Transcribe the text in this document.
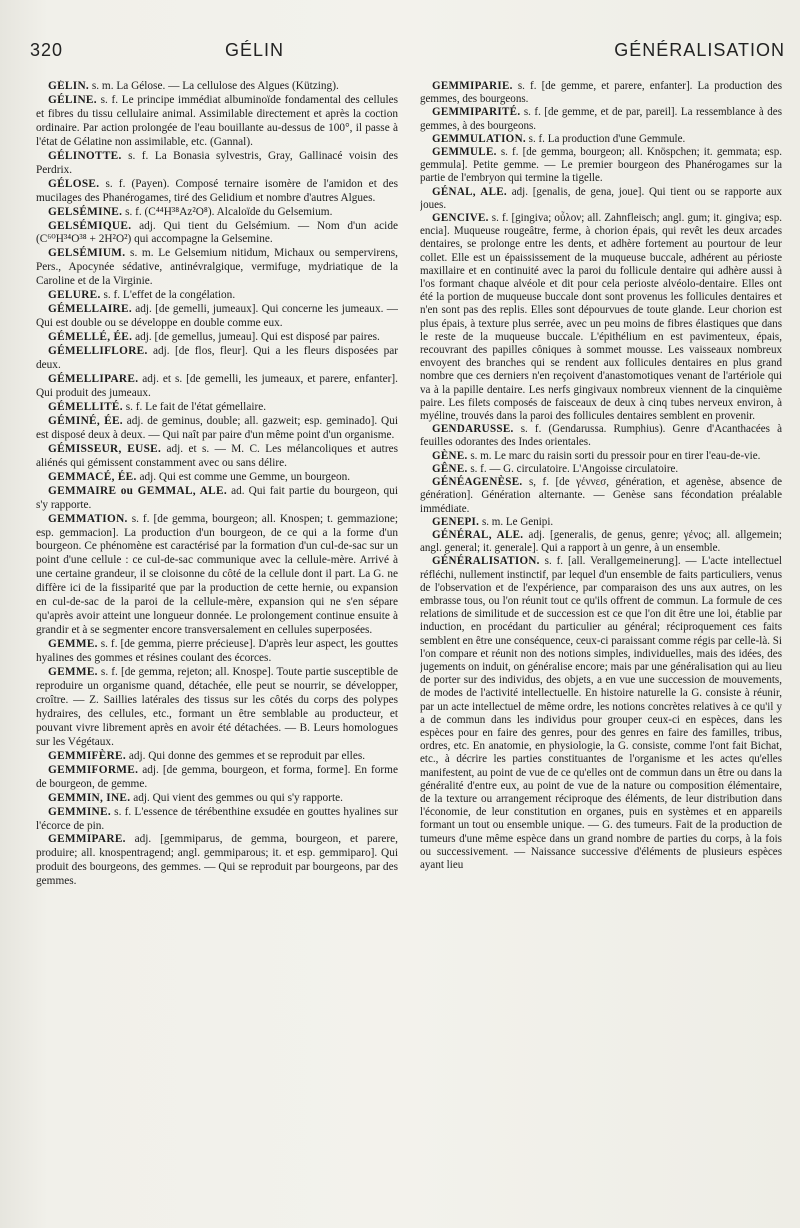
320	GÉLIN	GÉNÉRALISATION

GÉLIN. s. m. La Gélose. — La cellulose des Algues (Kützing).

GÉLINE. s. f. Le principe immédiat albuminoïde fondamental des cellules et fibres du tissu cellulaire animal. Assimilable directement et après la coction ordinaire. Par action prolongée de l'eau bouillante au-dessus de 100°, il passe à l'état de Gélatine non assimilable, etc. (Gannal).

GÉLINOTTE. s. f. La Bonasia sylvestris, Gray, Gallinacé voisin des Perdrix.

GÉLOSE. s. f. (Payen). Composé ternaire isomère de l'amidon et des mucilages des Phanérogames, tiré des Gelidium et nombre d'autres Algues.

GELSÉMINE. s. f. (C⁴⁴H³⁸Az²O⁸). Alcaloïde du Gelsemium.

GELSÉMIQUE. adj. Qui tient du Gelsémium. — Nom d'un acide (C⁶⁰H³⁴O³⁸ + 2H²O²) qui accompagne la Gelsemine.

GELSÉMIUM. s. m. Le Gelsemium nitidum, Michaux ou sempervirens, Pers., Apocynée sédative, antinévralgique, vermifuge, mydriatique de la Caroline et de la Virginie.

GELURE. s. f. L'effet de la congélation.

GÉMELLAIRE. adj. [de gemelli, jumeaux]. Qui concerne les jumeaux. — Qui est double ou se développe en double comme eux.

GÉMELLÉ, ÉE. adj. [de gemellus, jumeau]. Qui est disposé par paires.

GÉMELLIFLORE. adj. [de flos, fleur]. Qui a les fleurs disposées par deux.

GÉMELLIPARE. adj. et s. [de gemelli, les jumeaux, et parere, enfanter]. Qui produit des jumeaux.

GÉMELLITÉ. s. f. Le fait de l'état gémellaire.

GÉMINÉ, ÉE. adj. de geminus, double; all. gazweit; esp. geminado]. Qui est disposé deux à deux. — Qui naît par paire d'un même point d'un organisme.

GÉMISSEUR, EUSE. adj. et s. — M. C. Les mélancoliques et autres aliénés qui gémissent constamment avec ou sans délire.

GEMMACÉ, ÉE. adj. Qui est comme une Gemme, un bourgeon.

GEMMAIRE ou GEMMAL, ALE. ad. Qui fait partie du bourgeon, qui s'y rapporte.

GEMMATION. s. f. [de gemma, bourgeon; all. Knospen; t. gemmazione; esp. gemmacion]. La production d'un bourgeon, de ce qui a la forme d'un bourgeon. Ce phénomène est caractérisé par la formation d'un cul-de-sac sur un point d'une cellule : ce cul-de-sac communique avec la cellule-mère. Arrivé à une certaine grandeur, il se cloisonne du côté de la cellule dont il part. La G. ne diffère ici de la fissiparité que par la production de cette hernie, ou expansion en cul-de-sac de la paroi de la cellule-mère, expansion qui ne s'en sépare qu'après avoir atteint une longueur donnée. Le prolongement continue ensuite à grandir et à se segmenter encore transversalement en cellules superposées.

GEMME. s. f. [de gemma, pierre précieuse]. D'après leur aspect, les gouttes hyalines des gommes et résines coulant des écorces.

GEMME. s. f. [de gemma, rejeton; all. Knospe]. Toute partie susceptible de reproduire un organisme quand, détachée, elle peut se nourrir, se développer, croître. — Z. Saillies latérales des tissus sur les côtés du corps des polypes hydraires, des cellules, etc., formant un être semblable au producteur, et pouvant vivre librement après en avoir été détachées. — B. Leurs homologues sur les Végétaux.

GEMMIFÈRE. adj. Qui donne des gemmes et se reproduit par elles.

GEMMIFORME. adj. [de gemma, bourgeon, et forma, forme]. En forme de bourgeon, de gemme.

GEMMIN, INE. adj. Qui vient des gemmes ou qui s'y rapporte.

GEMMINE. s. f. L'essence de térébenthine exsudée en gouttes hyalines sur l'écorce de pin.

GEMMIPARE. adj. [gemmiparus, de gemma, bourgeon, et parere, produire; all. knospentragend; angl. gemmiparous; it. et esp. gemmiparo]. Qui produit des bourgeons, des gemmes. — Qui se reproduit par bourgeons, par des gemmes.

GEMMIPARIE. s. f. [de gemme, et parere, enfanter]. La production des gemmes, des bourgeons.

GEMMIPARITÉ. s. f. [de gemme, et de par, pareil]. La ressemblance à des gemmes, à des bourgeons.

GEMMULATION. s. f. La production d'une Gemmule.

GEMMULE. s. f. [de gemma, bourgeon; all. Knöspchen; it. gemmata; esp. gemmula]. Petite gemme. — Le premier bourgeon des Phanérogames sur la partie de l'embryon qui termine la tigelle.

GÉNAL, ALE. adj. [genalis, de gena, joue]. Qui tient ou se rapporte aux joues.

GENCIVE. s. f. [gingiva; οὖλον; all. Zahnfleisch; angl. gum; it. gingiva; esp. encia]. Muqueuse rougeâtre, ferme, à chorion épais, qui revêt les deux arcades dentaires, se prolonge entre les dents, et adhère fortement au pourtour de leur collet. Elle est un épaississement de la muqueuse buccale, adhérent au périoste maxillaire et en continuité avec la paroi du follicule dentaire qui adhère aussi à l'os formant chaque alvéole et dit pour cela perioste alvéolo-dentaire. Elles ont été la portion de muqueuse buccale dont sont provenus les follicules dentaires et n'en sont pas des replis. Elles sont dépourvues de toute glande. Leur chorion est plus épais, à texture plus serrée, avec un peu moins de fibres élastiques que dans le reste de la muqueuse buccale. L'épithélium en est pavimenteux, épais, recouvrant des papilles côniques à sommet mousse. Les vaisseaux nombreux envoyent des branches qui se rendent aux follicules dentaires en plus grand nombre que ces derniers n'en reçoivent d'anastomotiques venant de l'artériole qui va à la papille dentaire. Les nerfs gingivaux nombreux viennent de la cinquième paire. Les filets composés de faisceaux de deux à cinq tubes nerveux environ, à myéline, trouvés dans la paroi des follicules dentaires semblent en provenir.

GENDARUSSE. s. f. (Gendarussa. Rumphius). Genre d'Acanthacées à feuilles odorantes des Indes orientales.

GÈNE. s. m. Le marc du raisin sorti du pressoir pour en tirer l'eau-de-vie.

GÊNE. s. f. — G. circulatoire. L'Angoisse circulatoire.

GÉNÉAGENÈSE. s, f. [de γέννεσ, génération, et agenèse, absence de génération]. Génération alternante. — Genèse sans fécondation préalable immédiate.

GENEPI. s. m. Le Genipi.

GÉNÉRAL, ALE. adj. [generalis, de genus, genre; γένος; all. allgemein; angl. general; it. generale]. Qui a rapport à un genre, à un ensemble.

GÉNÉRALISATION. s. f. [all. Verallgemeinerung]. — L'acte intellectuel réfléchi, nullement instinctif, par lequel d'un ensemble de faits particuliers, venus de l'observation et de l'expérience, par comparaison des uns aux autres, on les embrasse tous, ou l'on réunit tout ce qu'ils offrent de commun. La formule de ces relations de similitude et de succession est ce que l'on dit être une loi, établie par induction, en procédant du particulier au général; réciproquement ces faits semblent en être une conséquence, ceux-ci paraissant comme régis par celle-là. Si l'on compare et réunit non des notions simples, individuelles, mais des idées, des jugements on induit, on généralise encore; mais par une généralisation qui au lieu de porter sur des individus, des objets, a en vue une succession de mouvements, de modes de l'activité intellectuelle. En histoire naturelle la G. consiste à réunir, par un acte intellectuel de même ordre, les notions concrètes relatives à ce qu'il y a de commun dans les individus pour grouper ceux-ci en espèces, dans les espèces pour en faire des genres, pour des genres en faire des familles, tribus, ordres, etc. En anatomie, en physiologie, la G. consiste, comme l'ont fait Bichat, etc., à décrire les parties constituantes de l'organisme et les actes qu'elles manifestent, au point de vue de ce qu'elles ont de commun dans un être ou dans la généralité d'entre eux, au point de vue de la nature ou composition élémentaire, de la texture ou arrangement réciproque des éléments, de leur distribution dans l'économie, de leur constitution en organes, puis en systèmes et en appareils formant un tout ou ensemble unique. — G. des tumeurs. Fait de la production de tumeurs d'une même espèce dans un grand nombre de parties du corps, à la fois ou successivement. — Naissance successive d'éléments de plusieurs espèces ayant lieu
